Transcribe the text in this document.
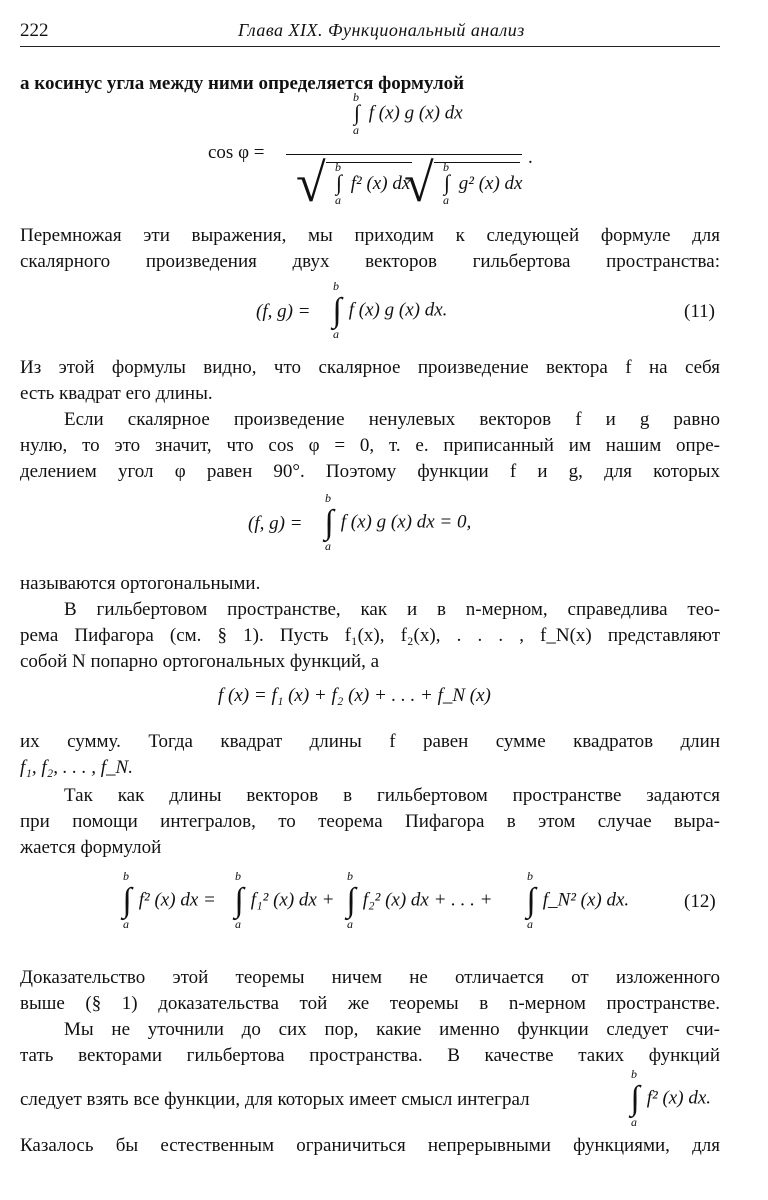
222	Глава XIX. Функциональный анализ
а косинус угла между ними определяется формулой
cos φ =
b
∫
a
f (x) g (x) dx
√ b
∫
a
f² (x) dx
√ b
∫
a
g² (x) dx
.
Перемножая эти выражения, мы приходим к следующей формуле для
скалярного произведения двух векторов гильбертова пространства:
(f, g) =
b
∫
a
f (x) g (x) dx.	(11)
Из этой формулы видно, что скалярное произведение вектора f на себя
есть квадрат его длины.
Если скалярное произведение ненулевых векторов f и g равно
нулю, то это значит, что cos φ = 0, т. е. приписанный им нашим опре-
делением угол φ равен 90°. Поэтому функции f и g, для которых
(f, g) =
b
∫
a
f (x) g (x) dx = 0,
называются ортогональными.
В гильбертовом пространстве, как и в n-мерном, справедлива тео-
рема Пифагора (см. § 1). Пусть f₁(x), f₂(x), . . . , f_N(x) представляют
собой N попарно ортогональных функций, а
f (x) = f₁ (x) + f₂ (x) + . . . + f_N (x)
их сумму. Тогда квадрат длины f равен сумме квадратов длин
f₁, f₂, . . . , f_N.
Так как длины векторов в гильбертовом пространстве задаются
при помощи интегралов, то теорема Пифагора в этом случае выра-
жается формулой
b
∫
a
f² (x) dx =
b
∫
a
f₁² (x) dx +
b
∫
a
f₂² (x) dx + . . . +
b
∫
a
f_N² (x) dx.	(12)
Доказательство этой теоремы ничем не отличается от изложенного
выше (§ 1) доказательства той же теоремы в n-мерном пространстве.
Мы не уточнили до сих пор, какие именно функции следует счи-
тать векторами гильбертова пространства. В качестве таких функций
следует взять все функции, для которых имеет смысл интеграл
b
∫
a
f² (x) dx.
Казалось бы естественным ограничиться непрерывными функциями, для
